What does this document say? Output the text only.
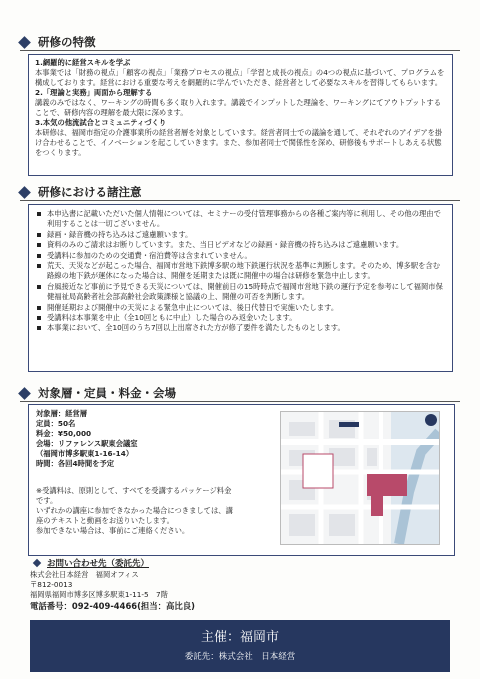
研修の特徴
1.網羅的に経営スキルを学ぶ
本事業では「財務の視点」「顧客の視点」「業務プロセスの視点」「学習と成長の視点」の4つの視点に基づいて、プログラムを構成しております。経営における重要な考えを網羅的に学んでいただき、経営者として必要なスキルを習得してもらいます。
2.「理論と実務」両面から理解する
講義のみではなく、ワーキングの時間も多く取り入れます。講義でインプットした理論を、ワーキングにてアウトプットすることで、研修内容の理解を最大限に深めます。
3.本気の他流試合とコミュニティづくり
本研修は、福岡市指定の介護事業所の経営者層を対象としています。経営者同士での議論を通して、それぞれのアイデアを掛け合わせることで、イノベーションを起こしていきます。また、参加者同士で関係性を深め、研修後もサポートしあえる状態をつくります。
研修における諸注意
本申込書に記載いただいた個人情報については、セミナーの受付管理事務からの各種ご案内等に利用し、その他の理由で利用することは一切ございません。
録画・録音機の持ち込みはご遠慮願います。
資料のみのご請求はお断りしています。また、当日ビデオなどの録画・録音機の持ち込みはご遠慮願います。
受講料に参加のための交通費・宿泊費等は含まれていません。
荒天、天災などが起こった場合、福岡市営地下鉄博多駅の地下鉄運行状況を基準に判断します。そのため、博多駅を含む路線の地下鉄が運休になった場合は、開催を延期または既に開催中の場合は研修を緊急中止します。
台風接近など事前に予見できる天災については、開催前日の15時時点で福岡市営地下鉄の運行予定を参考にして福岡市保健福祉局高齢者社会部高齢社会政策課様と協議の上、開催の可否を判断します。
開催延期および開催中の天災による緊急中止については、後日代替日で実施いたします。
受講料は本事業を中止（全10回ともに中止）した場合のみ返金いたします。
本事業において、全10回のうち7回以上出席された方が修了要件を満たしたものとします。
対象層・定員・料金・会場
対象層：経営層
定員：50名
料金：¥50,000
会場：リファレンス駅東会議室
（福岡市博多駅東1-16-14）
時間：各回4時間を予定
※受講料は、原則として、すべてを受講するパッケージ料金です。
いずれかの講座に参加できなかった場合につきましては、講座のテキストと動画をお送りいたします。
参加できない場合は、事前にご連絡ください。
お問い合わせ先（委託先）
株式会社日本経営　福岡オフィス
〒812-0013
福岡県福岡市博多区博多駅東1-11-5　7階
電話番号：092-409-4466(担当：高比良)
主催：福岡市
委託先：株式会社　日本経営
